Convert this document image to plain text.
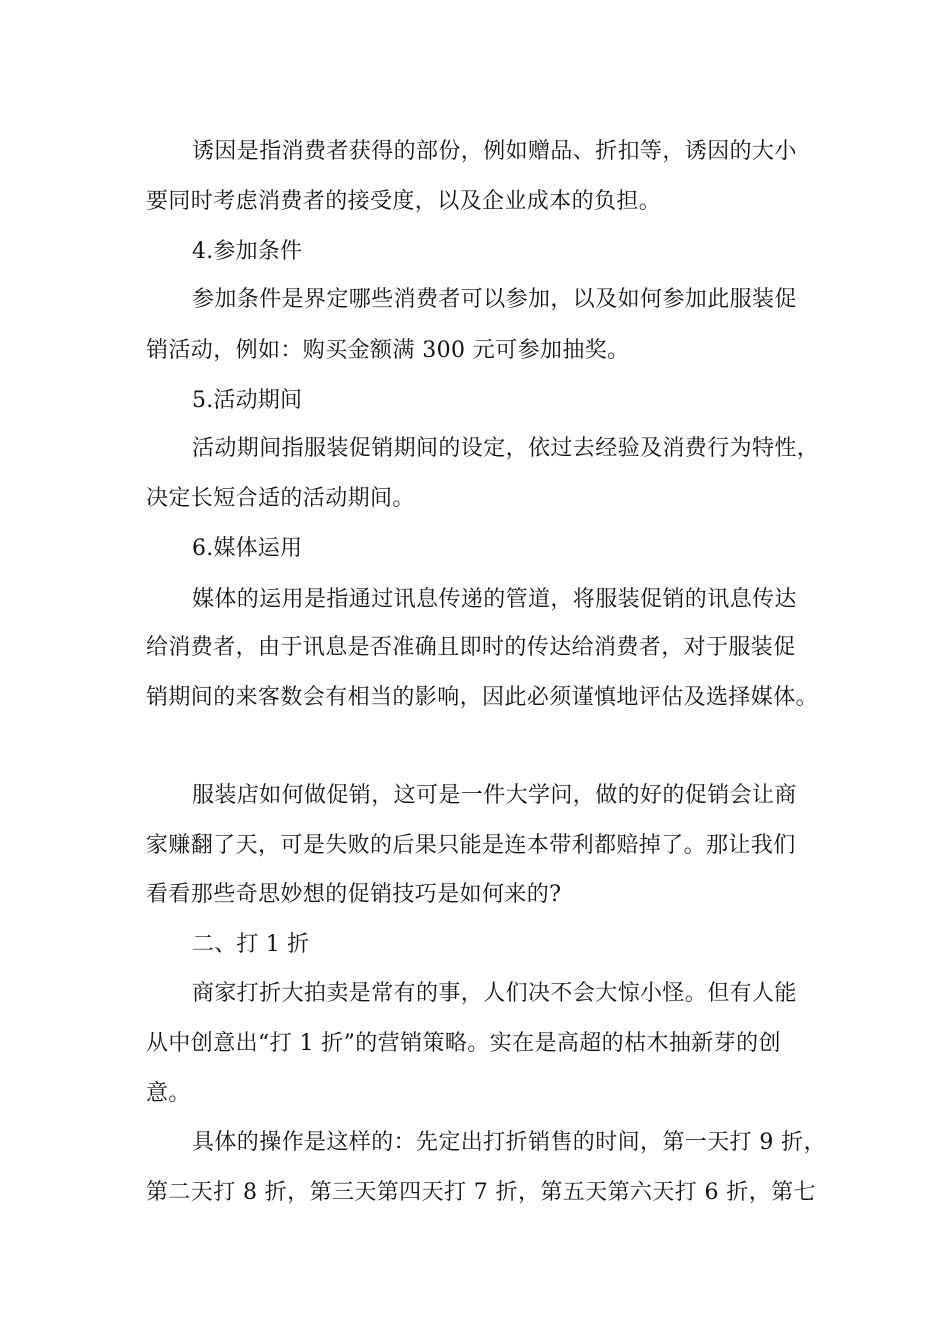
诱因是指消费者获得的部份，例如赠品、折扣等，诱因的大小
要同时考虑消费者的接受度，以及企业成本的负担。
4.参加条件
参加条件是界定哪些消费者可以参加，以及如何参加此服装促
销活动，例如：购买金额满 300 元可参加抽奖。
5.活动期间
活动期间指服装促销期间的设定，依过去经验及消费行为特性，
决定长短合适的活动期间。
6.媒体运用
媒体的运用是指通过讯息传递的管道，将服装促销的讯息传达
给消费者，由于讯息是否准确且即时的传达给消费者，对于服装促
销期间的来客数会有相当的影响，因此必须谨慎地评估及选择媒体。
服装店如何做促销，这可是一件大学问，做的好的促销会让商
家赚翻了天，可是失败的后果只能是连本带利都赔掉了。那让我们
看看那些奇思妙想的促销技巧是如何来的?
二、打 1 折
商家打折大拍卖是常有的事，人们决不会大惊小怪。但有人能
从中创意出“打 1 折”的营销策略。实在是高超的枯木抽新芽的创
意。
具体的操作是这样的：先定出打折销售的时间，第一天打 9 折，
第二天打 8 折，第三天第四天打 7 折，第五天第六天打 6 折，第七
